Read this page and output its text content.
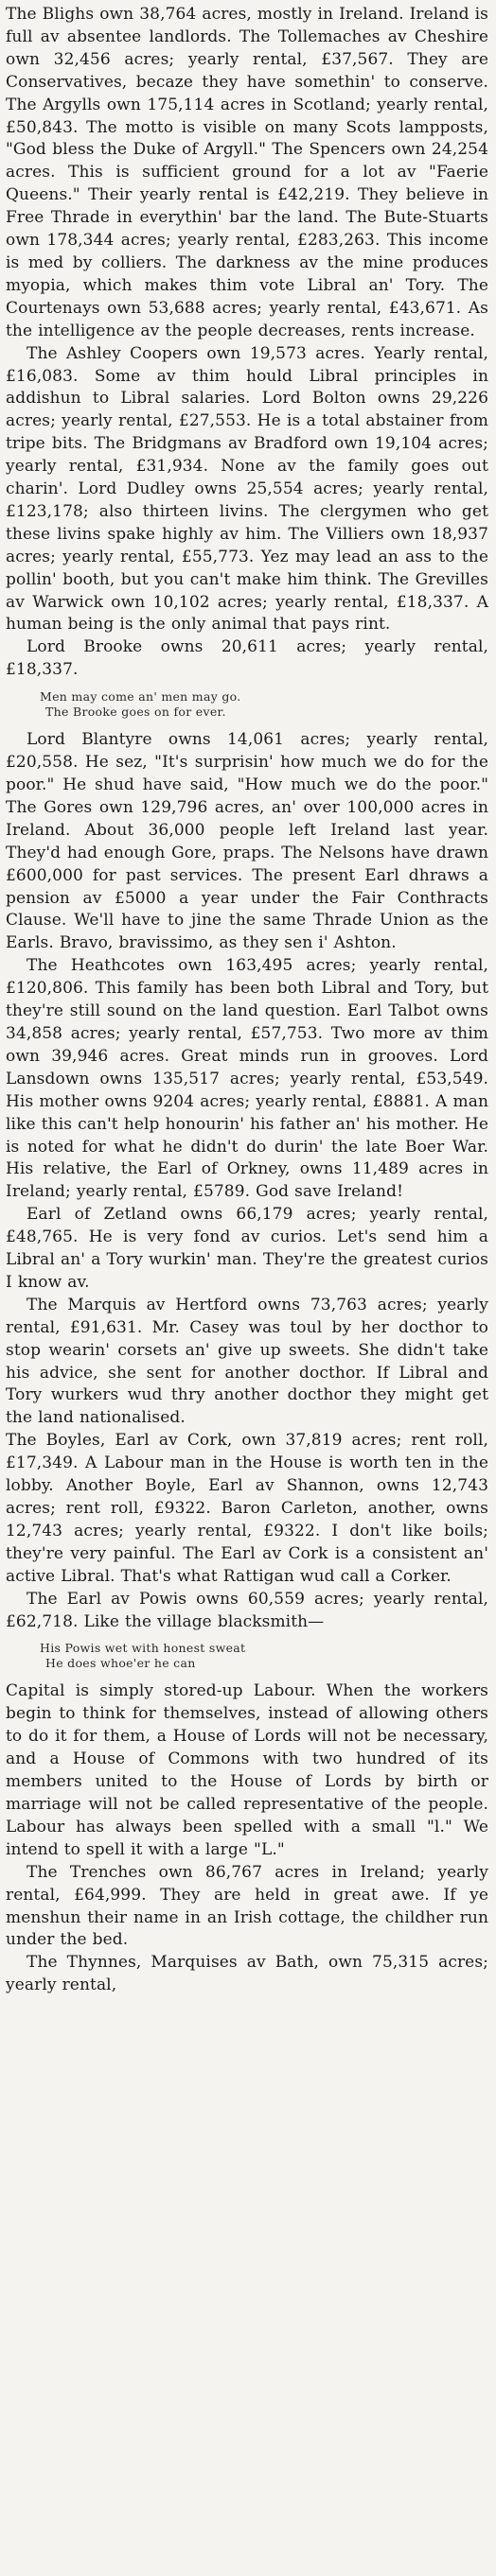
The Blighs own 38,764 acres, mostly in Ireland. Ireland is full av absentee landlords. The Tollemaches av Cheshire own 32,456 acres; yearly rental, £37,567. They are Conservatives, becaze they have somethin' to conserve. The Argylls own 175,114 acres in Scotland; yearly rental, £50,843. The motto is visible on many Scots lampposts, "God bless the Duke of Argyll." The Spencers own 24,254 acres. This is sufficient ground for a lot av "Faerie Queens." Their yearly rental is £42,219. They believe in Free Thrade in everythin' bar the land. The Bute-Stuarts own 178,344 acres; yearly rental, £283,263. This income is med by colliers. The darkness av the mine produces myopia, which makes thim vote Libral an' Tory. The Courtenays own 53,688 acres; yearly rental, £43,671. As the intelligence av the people decreases, rents increase.

The Ashley Coopers own 19,573 acres. Yearly rental, £16,083. Some av thim hould Libral principles in addishun to Libral salaries. Lord Bolton owns 29,226 acres; yearly rental, £27,553. He is a total abstainer from tripe bits. The Bridgmans av Bradford own 19,104 acres; yearly rental, £31,934. None av the family goes out charin'. Lord Dudley owns 25,554 acres; yearly rental, £123,178; also thirteen livins. The clergymen who get these livins spake highly av him. The Villiers own 18,937 acres; yearly rental, £55,773. Yez may lead an ass to the pollin' booth, but you can't make him think. The Grevilles av Warwick own 10,102 acres; yearly rental, £18,337. A human being is the only animal that pays rint.

Lord Brooke owns 20,611 acres; yearly rental, £18,337.

Men may come an' men may go.
The Brooke goes on for ever.

Lord Blantyre owns 14,061 acres; yearly rental, £20,558. He sez, "It's surprisin' how much we do for the poor." He shud have said, "How much we do the poor." The Gores own 129,796 acres, an' over 100,000 acres in Ireland. About 36,000 people left Ireland last year. They'd had enough Gore, praps. The Nelsons have drawn £600,000 for past services. The present Earl dhraws a pension av £5000 a year under the Fair Conthracts Clause. We'll have to jine the same Thrade Union as the Earls. Bravo, bravissimo, as they sen i' Ashton.

The Heathcotes own 163,495 acres; yearly rental, £120,806. This family has been both Libral and Tory, but they're still sound on the land question. Earl Talbot owns 34,858 acres; yearly rental, £57,753. Two more av thim own 39,946 acres. Great minds run in grooves. Lord Lansdown owns 135,517 acres; yearly rental, £53,549. His mother owns 9204 acres; yearly rental, £8881. A man like this can't help honourin' his father an' his mother. He is noted for what he didn't do durin' the late Boer War. His relative, the Earl of Orkney, owns 11,489 acres in Ireland; yearly rental, £5789. God save Ireland!

Earl of Zetland owns 66,179 acres; yearly rental, £48,765. He is very fond av curios. Let's send him a Libral an' a Tory wurkin' man. They're the greatest curios I know av.

The Marquis av Hertford owns 73,763 acres; yearly rental, £91,631. Mr. Casey was toul by her docthor to stop wearin' corsets an' give up sweets. She didn't take his advice, she sent for another docthor. If Libral and Tory wurkers wud thry another docthor they might get the land nationalised.

The Boyles, Earl av Cork, own 37,819 acres; rent roll, £17,349. A Labour man in the House is worth ten in the lobby. Another Boyle, Earl av Shannon, owns 12,743 acres; rent roll, £9322. Baron Carleton, another, owns 12,743 acres; yearly rental, £9322. I don't like boils; they're very painful. The Earl av Cork is a consistent an' active Libral. That's what Rattigan wud call a Corker.

The Earl av Powis owns 60,559 acres; yearly rental, £62,718. Like the village blacksmith—

His Powis wet with honest sweat
He does whoe'er he can

Capital is simply stored-up Labour. When the workers begin to think for themselves, instead of allowing others to do it for them, a House of Lords will not be necessary, and a House of Commons with two hundred of its members united to the House of Lords by birth or marriage will not be called representative of the people. Labour has always been spelled with a small "l." We intend to spell it with a large "L."

The Trenches own 86,767 acres in Ireland; yearly rental, £64,999. They are held in great awe. If ye menshun their name in an Irish cottage, the childher run under the bed.

The Thynnes, Marquises av Bath, own 75,315 acres; yearly rental,
